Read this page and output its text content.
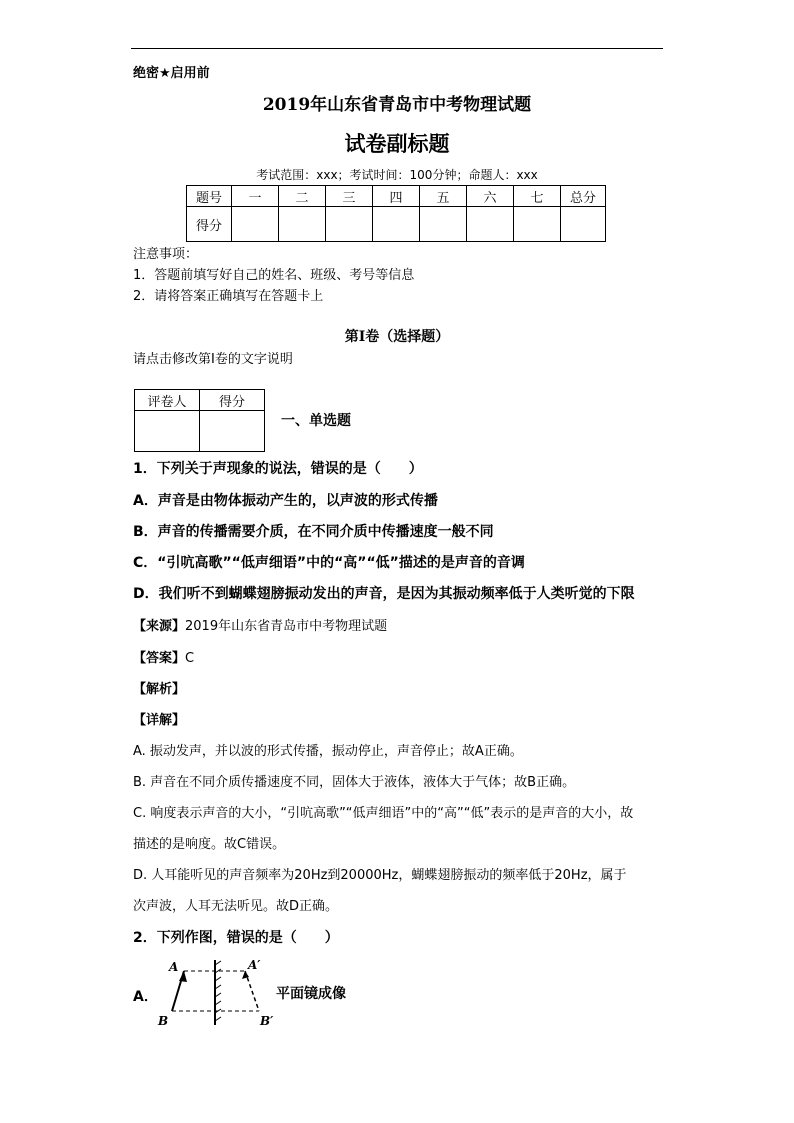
绝密★启用前
2019年山东省青岛市中考物理试题
试卷副标题
考试范围：xxx；考试时间：100分钟；命题人：xxx
题号	一	二	三	四	五	六	七	总分
得分								
注意事项：
1．答题前填写好自己的姓名、班级、考号等信息
2．请将答案正确填写在答题卡上
第I卷（选择题）
请点击修改第I卷的文字说明
评卷人	得分

一、单选题
1．下列关于声现象的说法，错误的是（　　）
A．声音是由物体振动产生的，以声波的形式传播
B．声音的传播需要介质，在不同介质中传播速度一般不同
C．“引吭高歌”“低声细语”中的“高”“低”描述的是声音的音调
D．我们听不到蝴蝶翅膀振动发出的声音，是因为其振动频率低于人类听觉的下限
【来源】2019年山东省青岛市中考物理试题
【答案】C
【解析】
【详解】
A. 振动发声，并以波的形式传播，振动停止，声音停止；故A正确。
B. 声音在不同介质传播速度不同，固体大于液体，液体大于气体；故B正确。
C. 响度表示声音的大小，“引吭高歌”“低声细语”中的“高”“低”表示的是声音的大小，故
描述的是响度。故C错误。
D. 人耳能听见的声音频率为20Hz到20000Hz，蝴蝶翅膀振动的频率低于20Hz，属于
次声波，人耳无法听见。故D正确。
2．下列作图，错误的是（　　）
A．
A	A′
B	B′
平面镜成像
